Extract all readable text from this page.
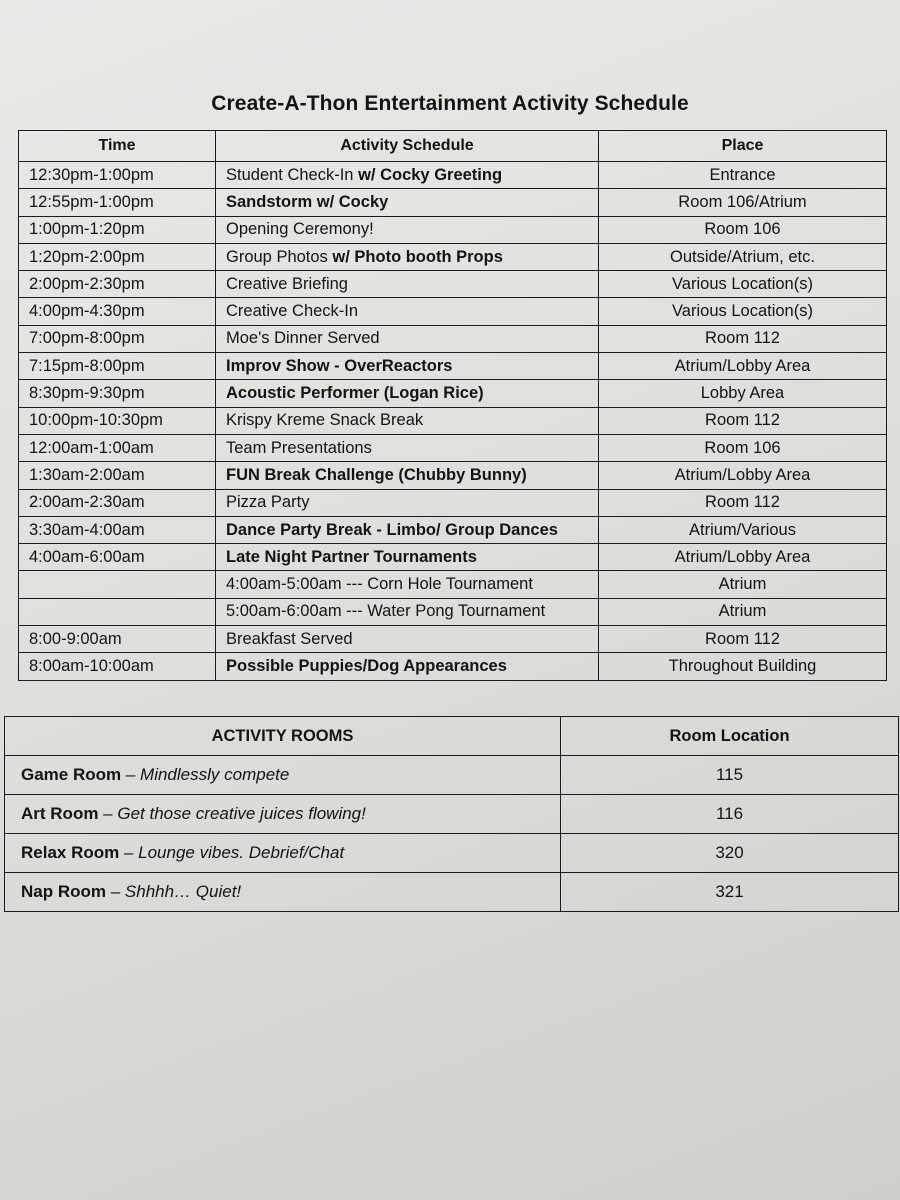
Create-A-Thon Entertainment Activity Schedule
Time	Activity Schedule	Place
12:30pm-1:00pm	Student Check-In w/ Cocky Greeting	Entrance
12:55pm-1:00pm	Sandstorm w/ Cocky	Room 106/Atrium
1:00pm-1:20pm	Opening Ceremony!	Room 106
1:20pm-2:00pm	Group Photos w/ Photo booth Props	Outside/Atrium, etc.
2:00pm-2:30pm	Creative Briefing	Various Location(s)
4:00pm-4:30pm	Creative Check-In	Various Location(s)
7:00pm-8:00pm	Moe's Dinner Served	Room 112
7:15pm-8:00pm	Improv Show - OverReactors	Atrium/Lobby Area
8:30pm-9:30pm	Acoustic Performer (Logan Rice)	Lobby Area
10:00pm-10:30pm	Krispy Kreme Snack Break	Room 112
12:00am-1:00am	Team Presentations	Room 106
1:30am-2:00am	FUN Break Challenge (Chubby Bunny)	Atrium/Lobby Area
2:00am-2:30am	Pizza Party	Room 112
3:30am-4:00am	Dance Party Break - Limbo/ Group Dances	Atrium/Various
4:00am-6:00am	Late Night Partner Tournaments	Atrium/Lobby Area
	4:00am-5:00am --- Corn Hole Tournament	Atrium
	5:00am-6:00am --- Water Pong Tournament	Atrium
8:00-9:00am	Breakfast Served	Room 112
8:00am-10:00am	Possible Puppies/Dog Appearances	Throughout Building
ACTIVITY ROOMS	Room Location
Game Room – Mindlessly compete	115
Art Room – Get those creative juices flowing!	116
Relax Room – Lounge vibes. Debrief/Chat	320
Nap Room – Shhhh… Quiet!	321
